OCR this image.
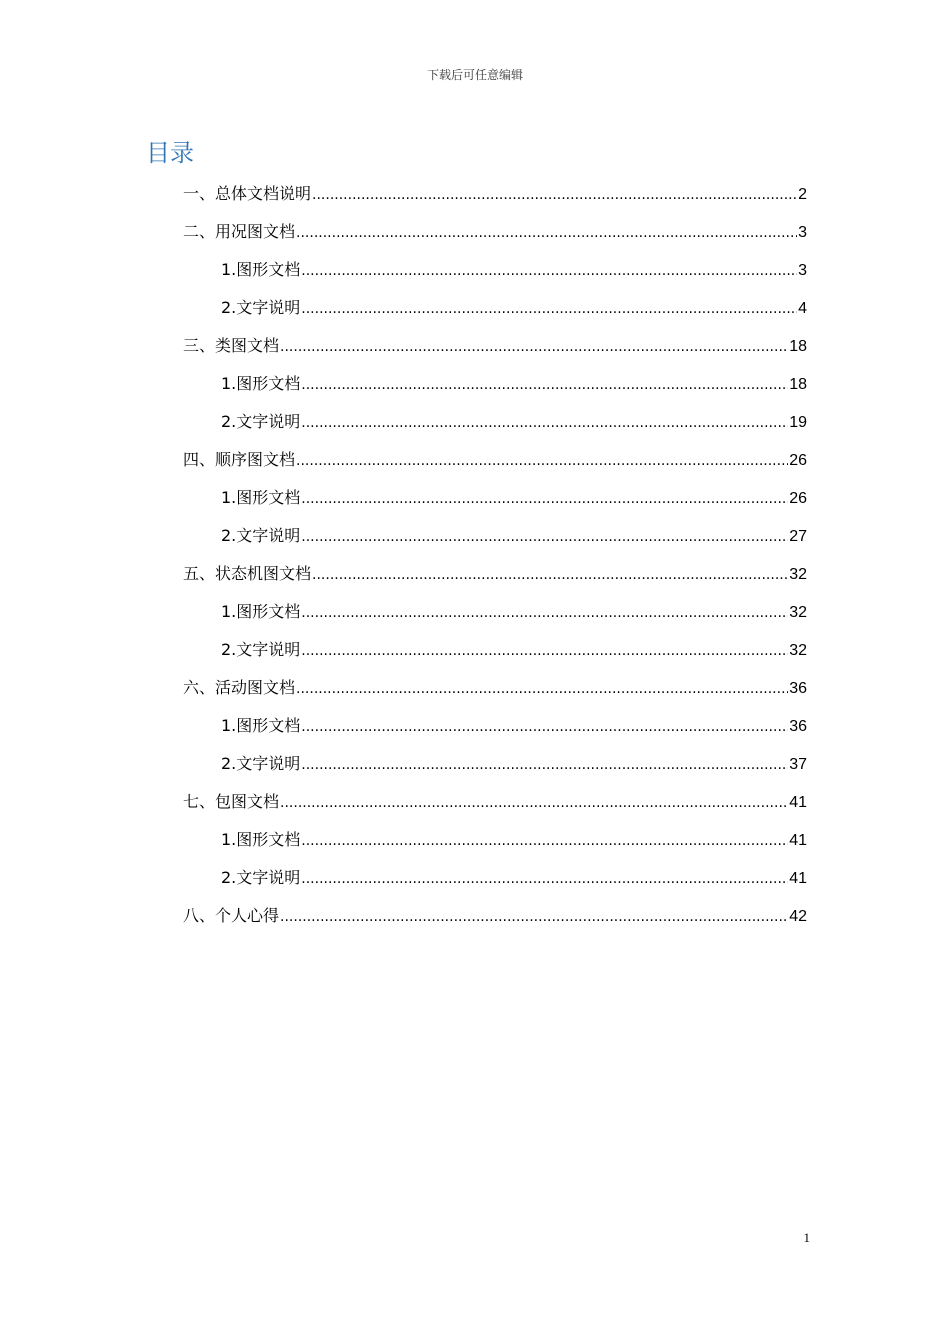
下载后可任意编辑
目录
一、总体文档说明 .....	2
二、用况图文档 .....	3
1.图形文档 .....	3
2.文字说明 .....	4
三、类图文档 .....	18
1.图形文档 .....	18
2.文字说明 .....	19
四、顺序图文档 .....	26
1.图形文档 .....	26
2.文字说明 .....	27
五、状态机图文档 .....	32
1.图形文档 .....	32
2.文字说明 .....	32
六、活动图文档 .....	36
1.图形文档 .....	36
2.文字说明 .....	37
七、包图文档 .....	41
1.图形文档 .....	41
2.文字说明 .....	41
八、个人心得 .....	42
1
